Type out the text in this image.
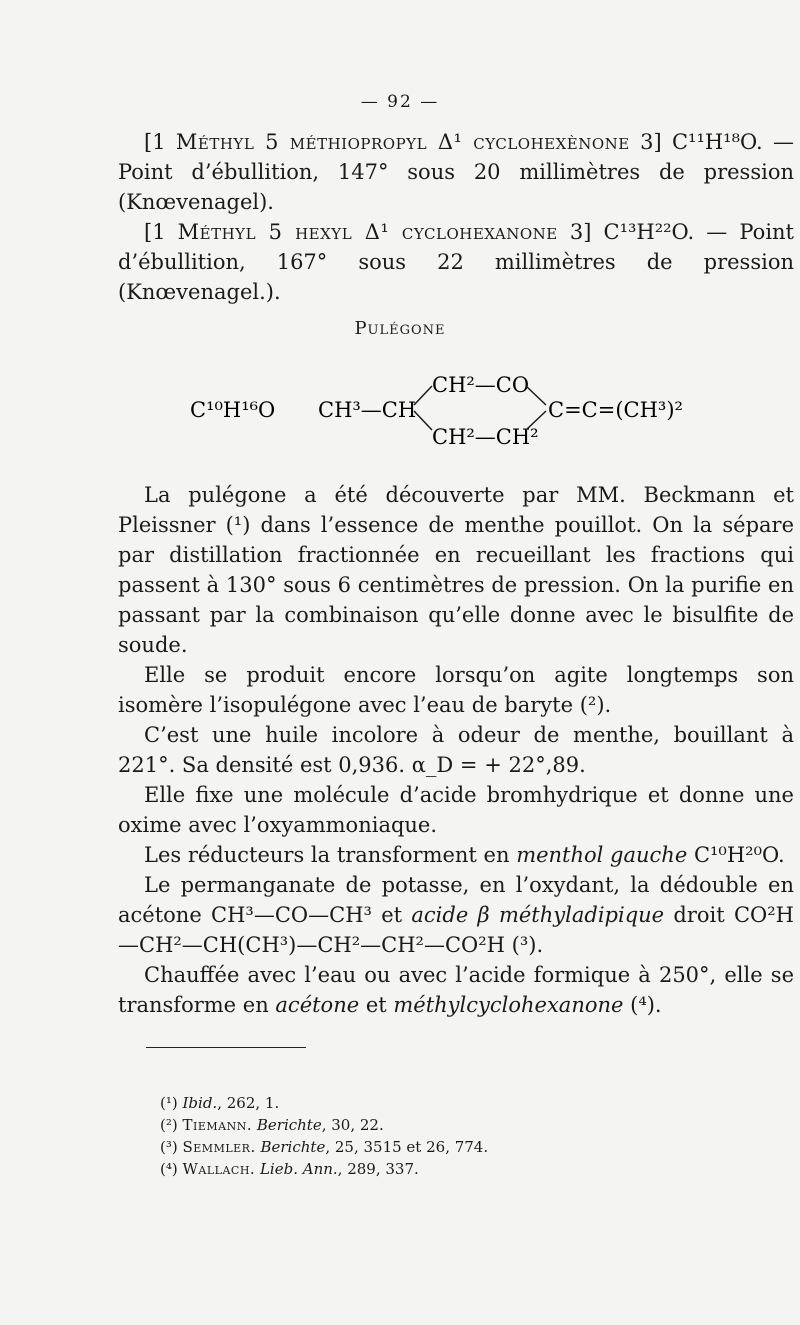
— 92 —

[1 Méthyl 5 méthiopropyl Δ¹ cyclohexènone 3] C¹¹H¹⁸O. — Point d’ébullition, 147° sous 20 millimètres de pression (Knœvenagel).

[1 Méthyl 5 hexyl Δ¹ cyclohexanone 3] C¹³H²²O. — Point d’ébullition, 167° sous 22 millimètres de pression (Knœvenagel.).

Pulégone
C¹⁰H¹⁶O CH³—CH
CH²—CO
CH²—CH²
C=C=(CH³)²

La pulégone a été découverte par MM. Beckmann et Pleissner (¹) dans l’essence de menthe pouillot. On la sépare par distillation fractionnée en recueillant les fractions qui passent à 130° sous 6 centimètres de pression. On la purifie en passant par la combinaison qu’elle donne avec le bisulfite de soude.

Elle se produit encore lorsqu’on agite longtemps son isomère l’isopulégone avec l’eau de baryte (²).

C’est une huile incolore à odeur de menthe, bouillant à 221°. Sa densité est 0,936. α_D = + 22°,89.

Elle fixe une molécule d’acide bromhydrique et donne une oxime avec l’oxyammoniaque.

Les réducteurs la transforment en menthol gauche C¹⁰H²⁰O.

Le permanganate de potasse, en l’oxydant, la dédouble en acétone CH³—CO—CH³ et acide β méthyladipique droit CO²H —CH²—CH(CH³)—CH²—CH²—CO²H (³).

Chauffée avec l’eau ou avec l’acide formique à 250°, elle se transforme en acétone et méthylcyclohexanone (⁴).

(¹) Ibid., 262, 1.
(²) Tiemann. Berichte, 30, 22.
(³) Semmler. Berichte, 25, 3515 et 26, 774.
(⁴) Wallach. Lieb. Ann., 289, 337.
